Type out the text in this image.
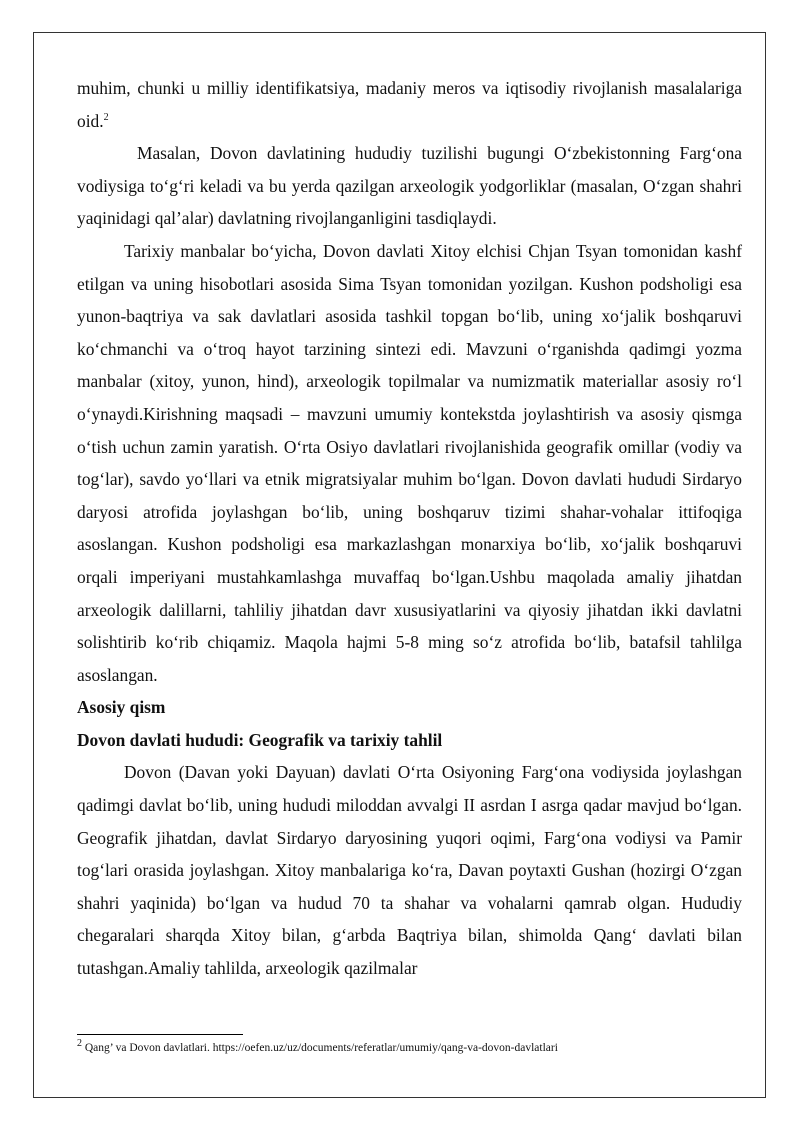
muhim, chunki u milliy identifikatsiya, madaniy meros va iqtisodiy rivojlanish masalalariga oid.$^2$

Masalan, Dovon davlatining hududiy tuzilishi bugungi O‘zbekistonning Farg‘ona vodiysiga to‘g‘ri keladi va bu yerda qazilgan arxeologik yodgorliklar (masalan, O‘zgan shahri yaqinidagi qal’alar) davlatning rivojlanganligini tasdiqlaydi.

Tarixiy manbalar bo‘yicha, Dovon davlati Xitoy elchisi Chjan Tsyan tomonidan kashf etilgan va uning hisobotlari asosida Sima Tsyan tomonidan yozilgan. Kushon podsholigi esa yunon-baqtriya va sak davlatlari asosida tashkil topgan bo‘lib, uning xo‘jalik boshqaruvi ko‘chmanchi va o‘troq hayot tarzining sintezi edi. Mavzuni o‘rganishda qadimgi yozma manbalar (xitoy, yunon, hind), arxeologik topilmalar va numizmatik materiallar asosiy ro‘l o‘ynaydi.Kirishning maqsadi – mavzuni umumiy kontekstda joylashtirish va asosiy qismga o‘tish uchun zamin yaratish. O‘rta Osiyo davlatlari rivojlanishida geografik omillar (vodiy va tog‘lar), savdo yo‘llari va etnik migratsiyalar muhim bo‘lgan. Dovon davlati hududi Sirdaryo daryosi atrofida joylashgan bo‘lib, uning boshqaruv tizimi shahar-vohalar ittifoqiga asoslangan. Kushon podsholigi esa markazlashgan monarxiya bo‘lib, xo‘jalik boshqaruvi orqali imperiyani mustahkamlashga muvaffaq bo‘lgan.Ushbu maqolada amaliy jihatdan arxeologik dalillarni, tahliliy jihatdan davr xususiyatlarini va qiyosiy jihatdan ikki davlatni solishtirib ko‘rib chiqamiz. Maqola hajmi 5-8 ming so‘z atrofida bo‘lib, batafsil tahlilga asoslangan.

Asosiy qism

Dovon davlati hududi: Geografik va tarixiy tahlil

Dovon (Davan yoki Dayuan) davlati O‘rta Osiyoning Farg‘ona vodiysida joylashgan qadimgi davlat bo‘lib, uning hududi miloddan avvalgi II asrdan I asrga qadar mavjud bo‘lgan. Geografik jihatdan, davlat Sirdaryo daryosining yuqori oqimi, Farg‘ona vodiysi va Pamir tog‘lari orasida joylashgan. Xitoy manbalariga ko‘ra, Davan poytaxti Gushan (hozirgi O‘zgan shahri yaqinida) bo‘lgan va hudud 70 ta shahar va vohalarni qamrab olgan. Hududiy chegaralari sharqda Xitoy bilan, g‘arbda Baqtriya bilan, shimolda Qang‘ davlati bilan tutashgan.Amaliy tahlilda, arxeologik qazilmalar

$^2$ Qang’ va Dovon davlatlari. https://oefen.uz/uz/documents/referatlar/umumiy/qang-va-dovon-davlatlari
